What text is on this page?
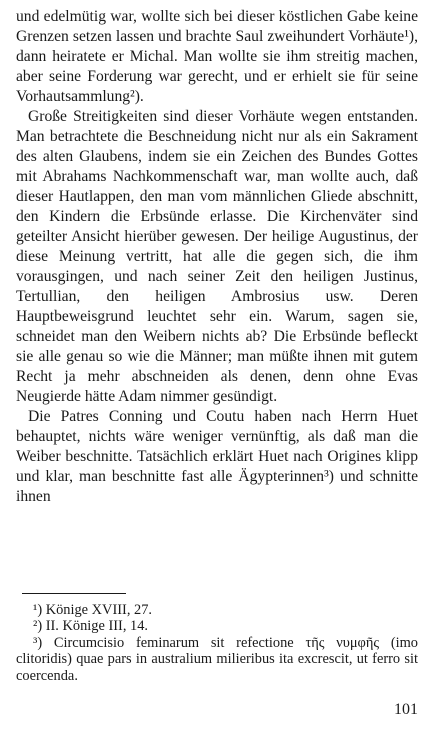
und edelmütig war, wollte sich bei dieser köstlichen Gabe keine Grenzen setzen lassen und brachte Saul zweihundert Vorhäute¹), dann heiratete er Michal. Man wollte sie ihm streitig machen, aber seine Forderung war gerecht, und er erhielt sie für seine Vorhautsammlung²).

Große Streitigkeiten sind dieser Vorhäute wegen entstanden. Man betrachtete die Beschneidung nicht nur als ein Sakrament des alten Glaubens, indem sie ein Zeichen des Bundes Gottes mit Abrahams Nachkommenschaft war, man wollte auch, daß dieser Hautlappen, den man vom männlichen Gliede abschnitt, den Kindern die Erbsünde erlasse. Die Kirchenväter sind geteilter Ansicht hierüber gewesen. Der heilige Augustinus, der diese Meinung vertritt, hat alle die gegen sich, die ihm vorausgingen, und nach seiner Zeit den heiligen Justinus, Tertullian, den heiligen Ambrosius usw. Deren Hauptbeweisgrund leuchtet sehr ein. Warum, sagen sie, schneidet man den Weibern nichts ab? Die Erbsünde befleckt sie alle genau so wie die Männer; man müßte ihnen mit gutem Recht ja mehr abschneiden als denen, denn ohne Evas Neugierde hätte Adam nimmer gesündigt.

Die Patres Conning und Coutu haben nach Herrn Huet behauptet, nichts wäre weniger vernünftig, als daß man die Weiber beschnitte. Tatsächlich erklärt Huet nach Origines klipp und klar, man beschnitte fast alle Ägypterinnen³) und schnitte ihnen

¹) Könige XVIII, 27.

²) II. Könige III, 14.

³) Circumcisio feminarum sit refectione τῆς νυμφῆς (imo clitoridis) quae pars in australium milieribus ita excrescit, ut ferro sit coercenda.

101
